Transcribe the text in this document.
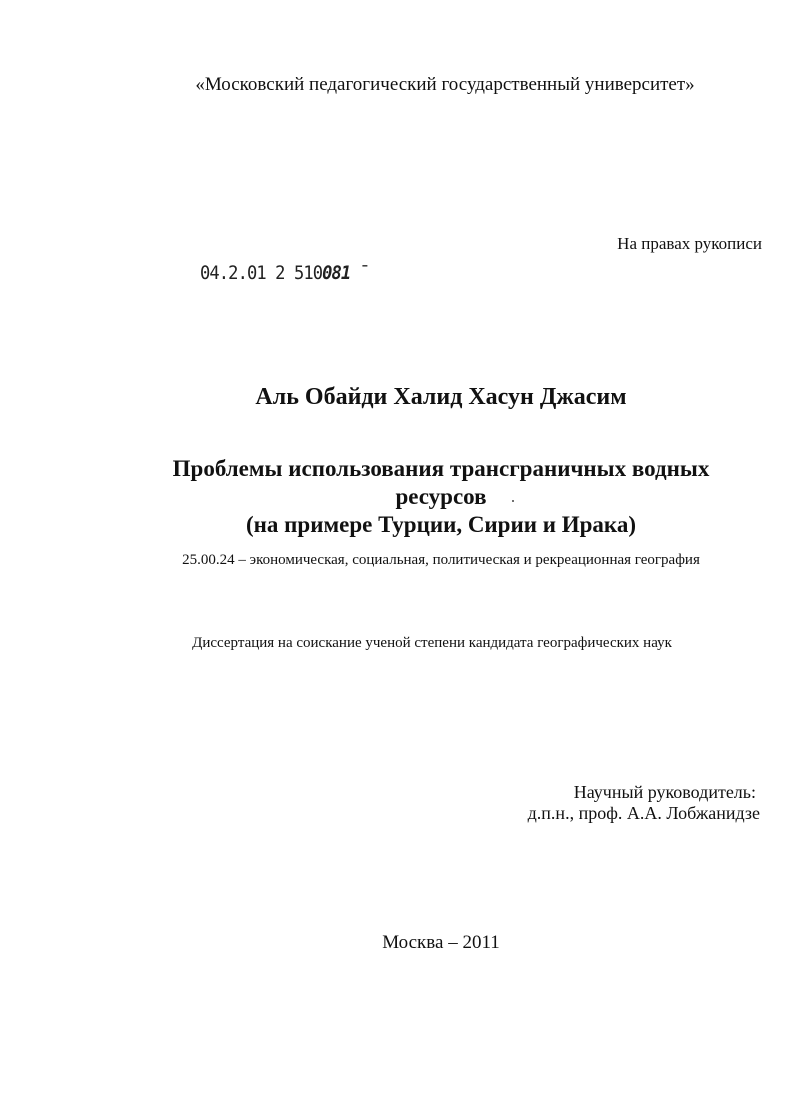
«Московский педагогический государственный университет»
На правах рукописи
04.2.01 2 510081 ˉ
Аль Обайди Халид Хасун Джасим
Проблемы использования трансграничных водных
ресурсов
(на примере Турции, Сирии и Ирака)
25.00.24 – экономическая, социальная, политическая и рекреационная география
Диссертация на соискание ученой степени кандидата географических наук
Научный руководитель:
д.п.н., проф. А.А. Лобжанидзе
Москва – 2011
